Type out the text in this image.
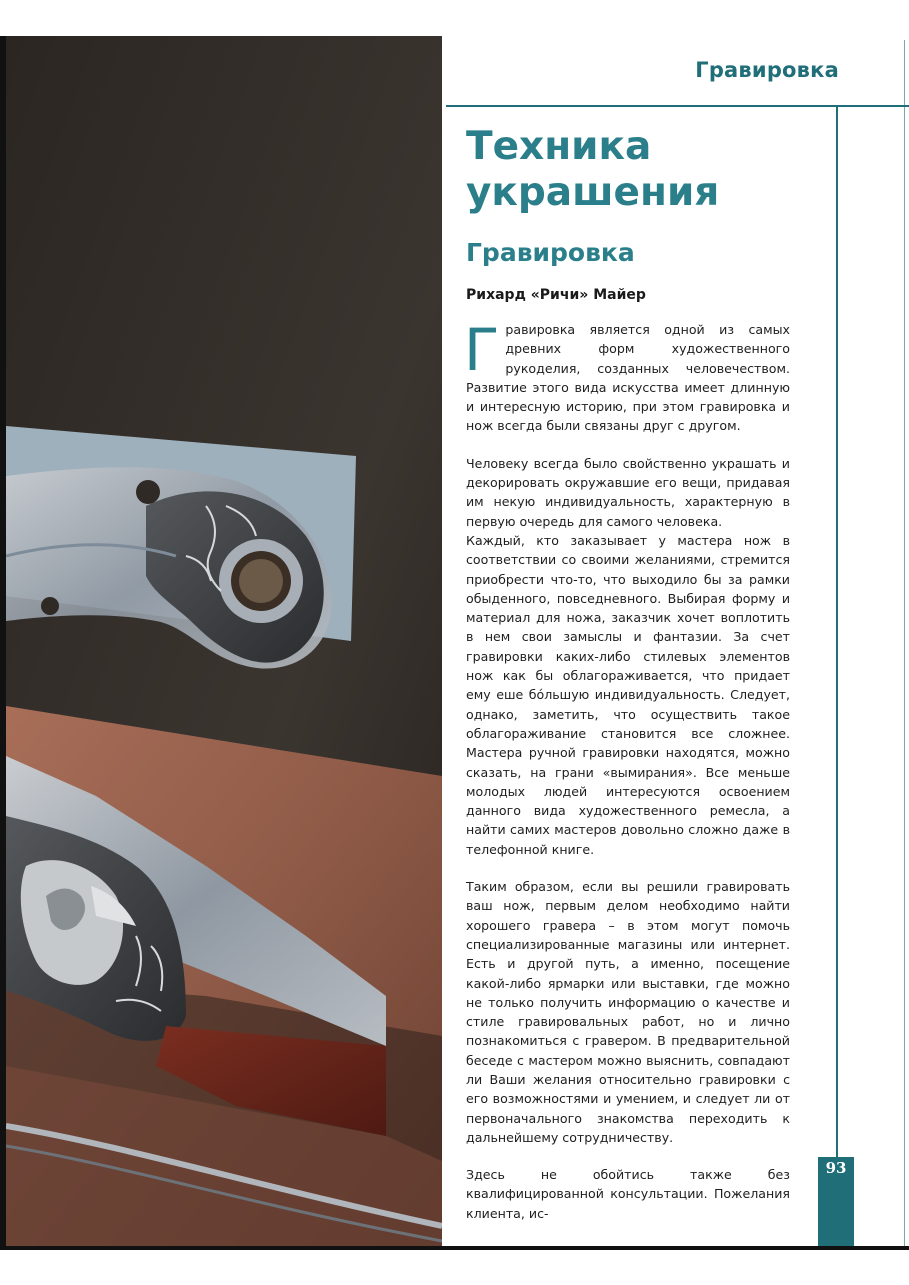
Гравировка
Техника
украшения
Гравировка
Рихард «Ричи» Майер

Гравировка является одной из самых древних форм художественного рукоделия, созданных человечеством. Развитие этого вида искусства имеет длинную и интересную историю, при этом гравировка и нож всегда были связаны друг с другом.

Человеку всегда было свойственно украшать и декорировать окружавшие его вещи, придавая им некую индивидуальность, характерную в первую очередь для самого человека.

Каждый, кто заказывает у мастера нож в соответствии со своими желаниями, стремится приобрести что-то, что выходило бы за рамки обыденного, повседневного. Выбирая форму и материал для ножа, заказчик хочет воплотить в нем свои замыслы и фантазии. За счет гравировки каких-либо стилевых элементов нож как бы облагораживается, что придает ему еше бóльшую индивидуальность. Следует, однако, заметить, что осуществить такое облагораживание становится все сложнее. Мастера ручной гравировки находятся, можно сказать, на грани «вымирания». Все меньше молодых людей интересуются освоением данного вида художественного ремесла, а найти самих мастеров довольно сложно даже в телефонной книге.

Таким образом, если вы решили гравировать ваш нож, первым делом необходимо найти хорошего гравера – в этом могут помочь специализированные магазины или интернет. Есть и другой путь, а именно, посещение какой-либо ярмарки или выставки, где можно не только получить информацию о качестве и стиле гравировальных работ, но и лично познакомиться с гравером. В предварительной беседе с мастером можно выяснить, совпадают ли Ваши желания относительно гравировки с его возможностями и умением, и следует ли от первоначального знакомства переходить к дальнейшему сотрудничеству.

Здесь не обойтись также без квалифицированной консультации. Пожелания клиента, ис-

93
